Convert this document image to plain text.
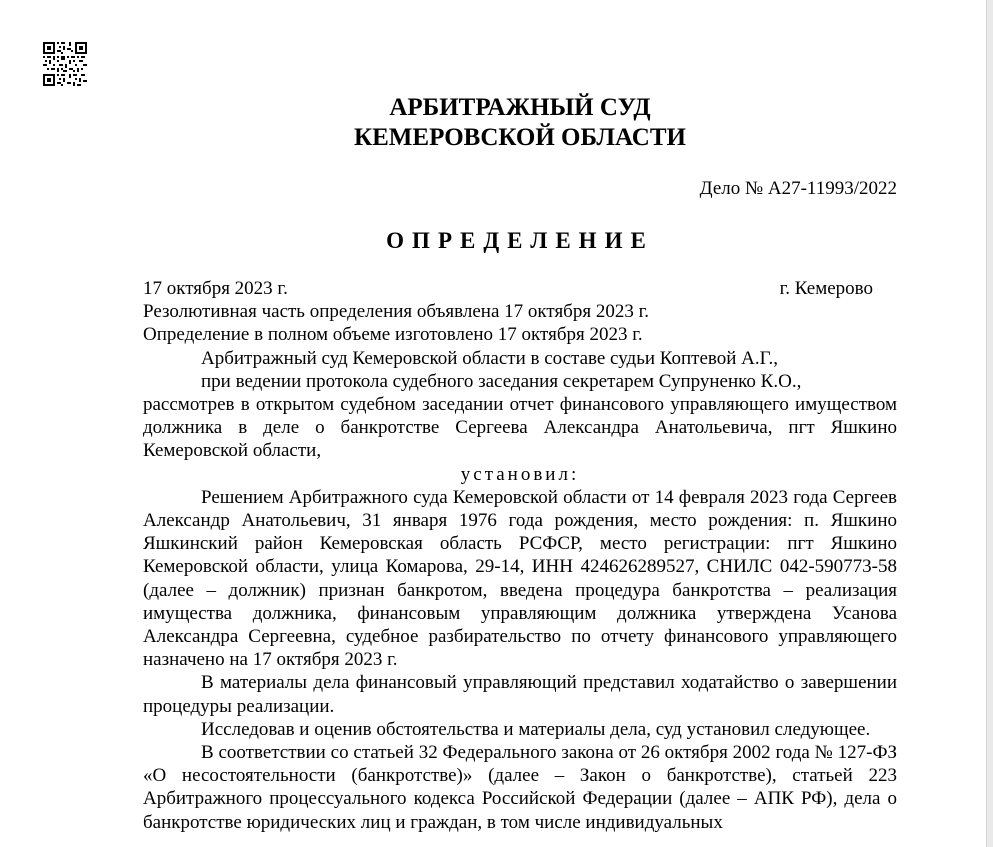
АРБИТРАЖНЫЙ СУД
КЕМЕРОВСКОЙ ОБЛАСТИ
Дело № А27-11993/2022
ОПРЕДЕЛЕНИЕ
17 октября 2023 г.	г. Кемерово
Резолютивная часть определения объявлена 17 октября 2023 г.
Определение в полном объеме изготовлено 17 октября 2023 г.
Арбитражный суд Кемеровской области в составе судьи Коптевой А.Г.,
при ведении протокола судебного заседания секретарем Супруненко К.О.,
рассмотрев в открытом судебном заседании отчет финансового управляющего имуществом должника в деле о банкротстве Сергеева Александра Анатольевича, пгт Яшкино Кемеровской области,
установил:
Решением Арбитражного суда Кемеровской области от 14 февраля 2023 года Сергеев Александр Анатольевич, 31 января 1976 года рождения, место рождения: п. Яшкино Яшкинский район Кемеровская область РСФСР, место регистрации: пгт Яшкино Кемеровской области, улица Комарова, 29-14, ИНН 424626289527, СНИЛС 042-590773-58 (далее – должник) признан банкротом, введена процедура банкротства – реализация имущества должника, финансовым управляющим должника утверждена Усанова Александра Сергеевна, судебное разбирательство по отчету финансового управляющего назначено на 17 октября 2023 г.
В материалы дела финансовый управляющий представил ходатайство о завершении процедуры реализации.
Исследовав и оценив обстоятельства и материалы дела, суд установил следующее.
В соответствии со статьей 32 Федерального закона от 26 октября 2002 года № 127-ФЗ «О несостоятельности (банкротстве)» (далее – Закон о банкротстве), статьей 223 Арбитражного процессуального кодекса Российской Федерации (далее – АПК РФ), дела о банкротстве юридических лиц и граждан, в том числе индивидуальных
